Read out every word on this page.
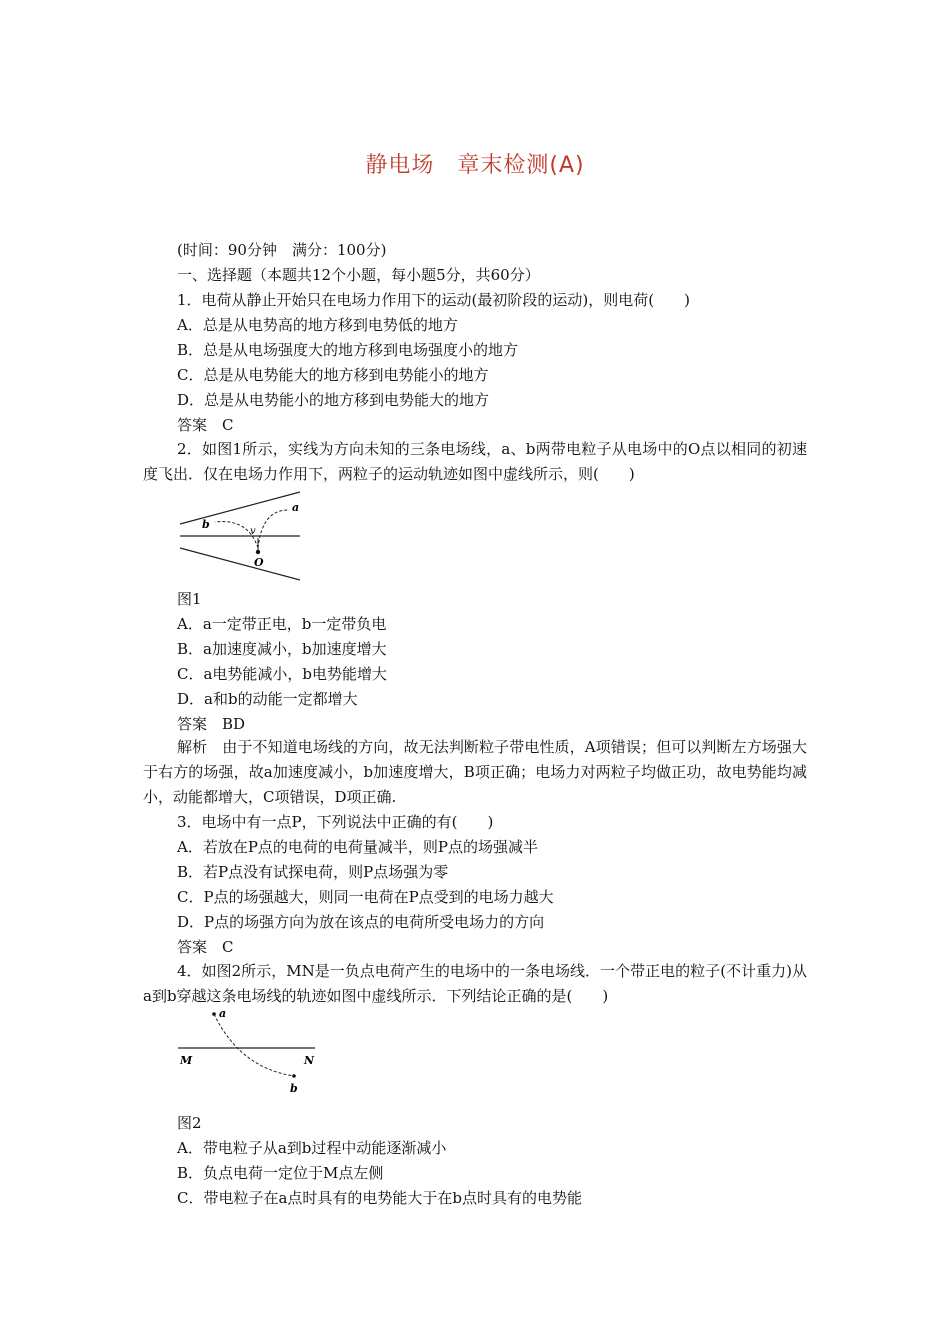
静电场　章末检测(A)
(时间：90分钟　满分：100分)
一、选择题（本题共12个小题，每小题5分，共60分）
1．电荷从静止开始只在电场力作用下的运动(最初阶段的运动)，则电荷(　　)
A．总是从电势高的地方移到电势低的地方
B．总是从电场强度大的地方移到电场强度小的地方
C．总是从电势能大的地方移到电势能小的地方
D．总是从电势能小的地方移到电势能大的地方
答案　C
2．如图1所示，实线为方向未知的三条电场线，a、b两带电粒子从电场中的O点以相同的初速度飞出．仅在电场力作用下，两粒子的运动轨迹如图中虚线所示，则(　　)
a
b
v
O
图1
A．a一定带正电，b一定带负电
B．a加速度减小，b加速度增大
C．a电势能减小，b电势能增大
D．a和b的动能一定都增大
答案　BD
解析　由于不知道电场线的方向，故无法判断粒子带电性质，A项错误；但可以判断左方场强大于右方的场强，故a加速度减小，b加速度增大，B项正确；电场力对两粒子均做正功，故电势能均减小，动能都增大，C项错误，D项正确.
3．电场中有一点P，下列说法中正确的有(　　)
A．若放在P点的电荷的电荷量减半，则P点的场强减半
B．若P点没有试探电荷，则P点场强为零
C．P点的场强越大，则同一电荷在P点受到的电场力越大
D．P点的场强方向为放在该点的电荷所受电场力的方向
答案　C
4．如图2所示，MN是一负点电荷产生的电场中的一条电场线．一个带正电的粒子(不计重力)从a到b穿越这条电场线的轨迹如图中虚线所示．下列结论正确的是(　　)
a
b
M	N
图2
A．带电粒子从a到b过程中动能逐渐减小
B．负点电荷一定位于M点左侧
C．带电粒子在a点时具有的电势能大于在b点时具有的电势能
